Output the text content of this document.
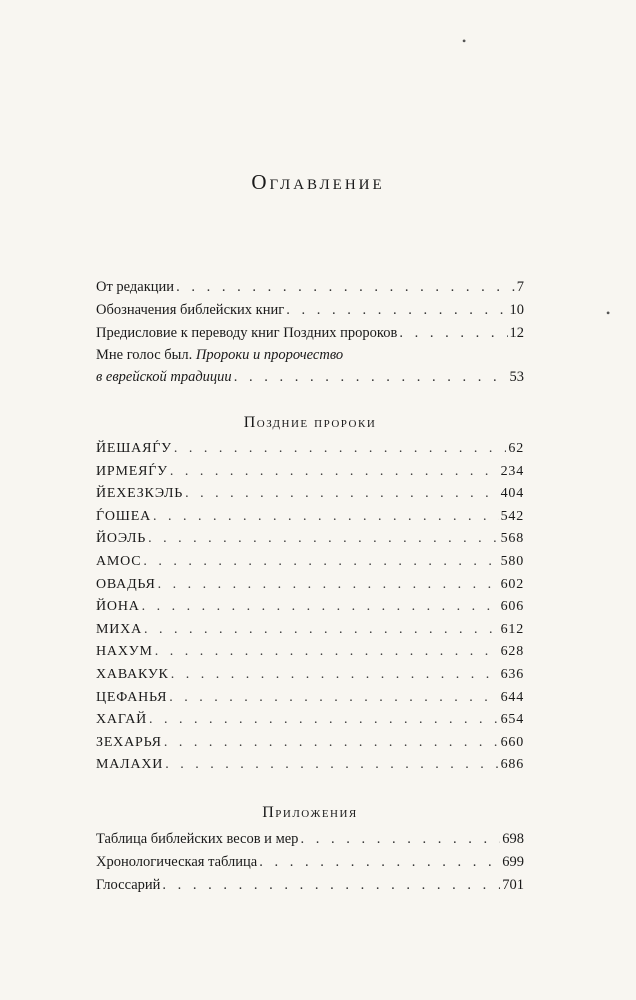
•
•
Оглавление
От редакции . . .	7
Обозначения библейских книг . . .	10
Предисловие к переводу книг Поздних пророков . . .	12
Мне голос был. Пророки и пророчество
в еврейской традиции . . .	53
Поздние пророки
ЙЕШАЯЃУ . . .	62
ИРМЕЯЃУ . . .	234
ЙЕХЕЗКЭЛЬ . . .	404
ЃОШЕА . . .	542
ЙОЭЛЬ . . .	568
АМОС . . .	580
ОВАДЬЯ . . .	602
ЙОНА . . .	606
МИХА . . .	612
НАХУМ . . .	628
ХАВАКУК . . .	636
ЦЕФАНЬЯ . . .	644
ХАГАЙ . . .	654
ЗЕХАРЬЯ . . .	660
МАЛАХИ . . .	686
Приложения
Таблица библейских весов и мер . . .	698
Хронологическая таблица . . .	699
Глоссарий . . .	701
